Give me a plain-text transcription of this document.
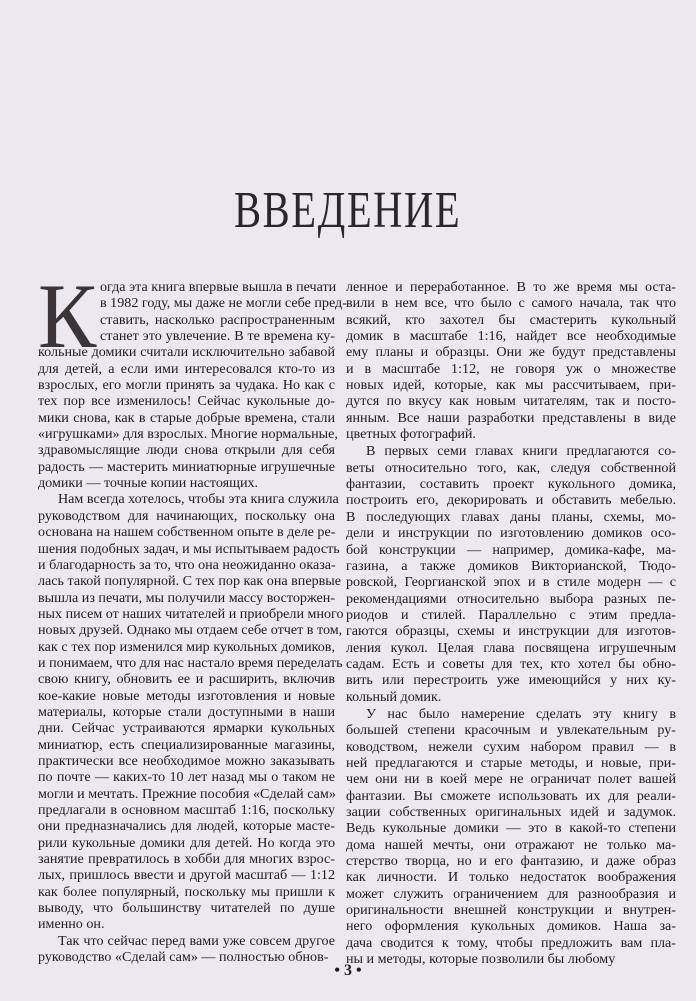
ВВЕДЕНИЕ
К огда эта книга впервые вышла в печати
в 1982 году, мы даже не могли себе пред-
ставить, насколько распространенным
станет это увлечение. В те времена ку-
кольные домики считали исключительно забавой
для детей, а если ими интересовался кто-то из
взрослых, его могли принять за чудака. Но как с
тех пор все изменилось! Сейчас кукольные до-
мики снова, как в старые добрые времена, стали
«игрушками» для взрослых. Многие нормальные,
здравомыслящие люди снова открыли для себя
радость — мастерить миниатюрные игрушечные
домики — точные копии настоящих.
Нам всегда хотелось, чтобы эта книга служила
руководством для начинающих, поскольку она
основана на нашем собственном опыте в деле ре-
шения подобных задач, и мы испытываем радость
и благодарность за то, что она неожиданно оказа-
лась такой популярной. С тех пор как она впервые
вышла из печати, мы получили массу восторжен-
ных писем от наших читателей и приобрели много
новых друзей. Однако мы отдаем себе отчет в том,
как с тех пор изменился мир кукольных домиков,
и понимаем, что для нас настало время переделать
свою книгу, обновить ее и расширить, включив
кое-какие новые методы изготовления и новые
материалы, которые стали доступными в наши
дни. Сейчас устраиваются ярмарки кукольных
миниатюр, есть специализированные магазины,
практически все необходимое можно заказывать
по почте — каких-то 10 лет назад мы о таком не
могли и мечтать. Прежние пособия «Сделай сам»
предлагали в основном масштаб 1:16, поскольку
они предназначались для людей, которые масте-
рили кукольные домики для детей. Но когда это
занятие превратилось в хобби для многих взрос-
лых, пришлось ввести и другой масштаб — 1:12
как более популярный, поскольку мы пришли к
выводу, что большинству читателей по душе
именно он.
Так что сейчас перед вами уже совсем другое
руководство «Сделай сам» — полностью обнов-
ленное и переработанное. В то же время мы оста-
вили в нем все, что было с самого начала, так что
всякий, кто захотел бы смастерить кукольный
домик в масштабе 1:16, найдет все необходимые
ему планы и образцы. Они же будут представлены
и в масштабе 1:12, не говоря уж о множестве
новых идей, которые, как мы рассчитываем, при-
дутся по вкусу как новым читателям, так и посто-
янным. Все наши разработки представлены в виде
цветных фотографий.
В первых семи главах книги предлагаются со-
веты относительно того, как, следуя собственной
фантазии, составить проект кукольного домика,
построить его, декорировать и обставить мебелью.
В последующих главах даны планы, схемы, мо-
дели и инструкции по изготовлению домиков осо-
бой конструкции — например, домика-кафе, ма-
газина, а также домиков Викторианской, Тюдо-
ровской, Георгианской эпох и в стиле модерн — с
рекомендациями относительно выбора разных пе-
риодов и стилей. Параллельно с этим предла-
гаются образцы, схемы и инструкции для изготов-
ления кукол. Целая глава посвящена игрушечным
садам. Есть и советы для тех, кто хотел бы обно-
вить или перестроить уже имеющийся у них ку-
кольный домик.
У нас было намерение сделать эту книгу в
большей степени красочным и увлекательным ру-
ководством, нежели сухим набором правил — в
ней предлагаются и старые методы, и новые, при-
чем они ни в коей мере не ограничат полет вашей
фантазии. Вы сможете использовать их для реали-
зации собственных оригинальных идей и задумок.
Ведь кукольные домики — это в какой-то степени
дома нашей мечты, они отражают не только ма-
стерство творца, но и его фантазию, и даже образ
как личности. И только недостаток воображения
может служить ограничением для разнообразия и
оригинальности внешней конструкции и внутрен-
него оформления кукольных домиков. Наша за-
дача сводится к тому, чтобы предложить вам пла-
ны и методы, которые позволили бы любому
• 3 •
